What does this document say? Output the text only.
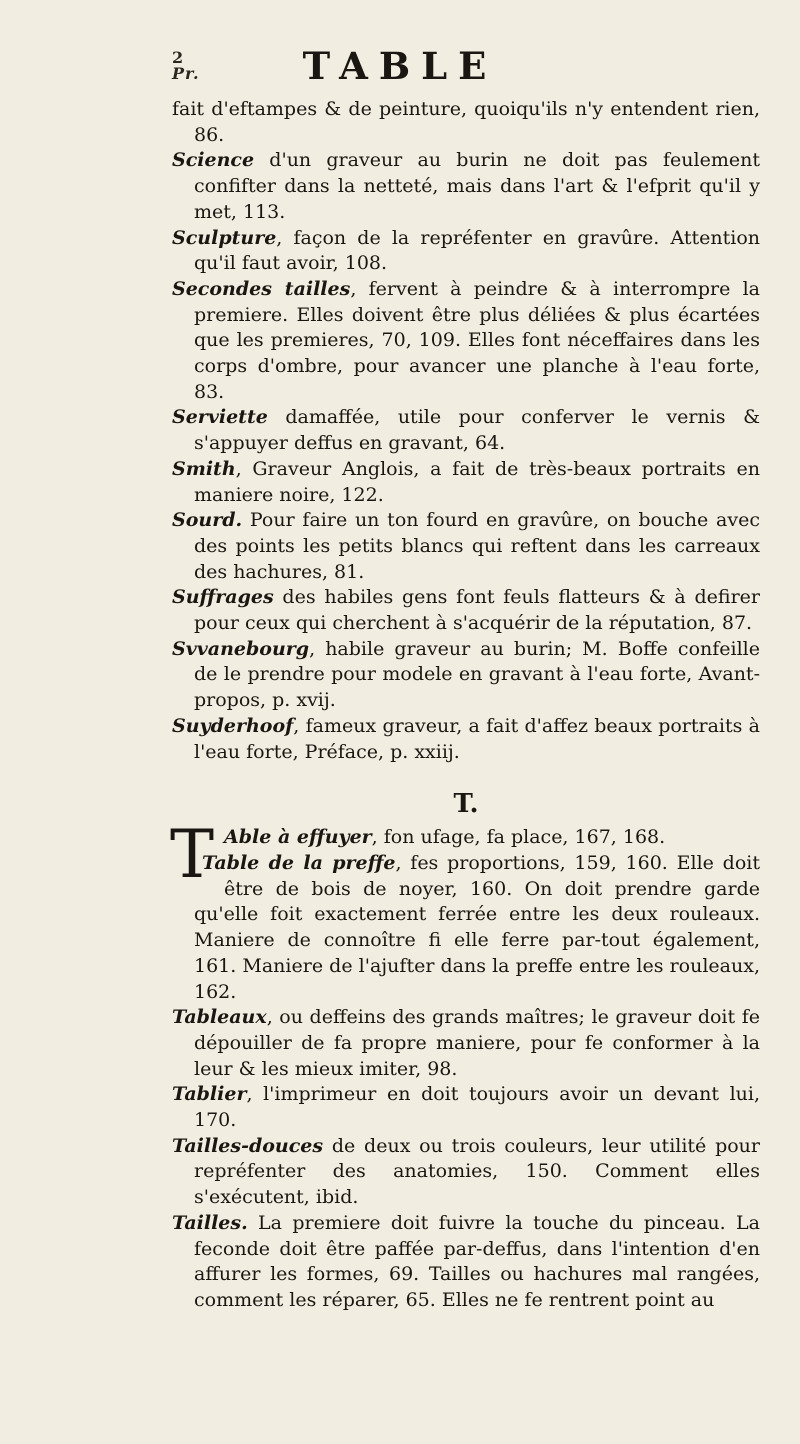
2
Pr.	TABLE
fait d'eftampes & de peinture, quoiqu'ils n'y entendent rien, 86.
Science d'un graveur au burin ne doit pas feulement confifter dans la netteté, mais dans l'art & l'efprit qu'il y met, 113.
Sculpture, façon de la repréfenter en gravûre. Attention qu'il faut avoir, 108.
Secondes tailles, fervent à peindre & à interrompre la premiere. Elles doivent être plus déliées & plus écartées que les premieres, 70, 109. Elles font néceffaires dans les corps d'ombre, pour avancer une planche à l'eau forte, 83.
Serviette damaffée, utile pour conferver le vernis & s'appuyer deffus en gravant, 64.
Smith, Graveur Anglois, a fait de très-beaux portraits en maniere noire, 122.
Sourd. Pour faire un ton fourd en gravûre, on bouche avec des points les petits blancs qui reftent dans les carreaux des hachures, 81.
Suffrages des habiles gens font feuls flatteurs & à defirer pour ceux qui cherchent à s'acquérir de la réputation, 87.
Svvanebourg, habile graveur au burin; M. Boffe confeille de le prendre pour modele en gravant à l'eau forte, Avant-propos, p. xvij.
Suyderhoof, fameux graveur, a fait d'affez beaux portraits à l'eau forte, Préface, p. xxiij.
T.
T Able à effuyer, fon ufage, fa place, 167, 168.
Table de la preffe, fes proportions, 159, 160. Elle doit être de bois de noyer, 160. On doit prendre garde qu'elle foit exactement ferrée entre les deux rouleaux. Maniere de connoître fi elle ferre par-tout également, 161. Maniere de l'ajufter dans la preffe entre les rouleaux, 162.
Tableaux, ou deffeins des grands maîtres; le graveur doit fe dépouiller de fa propre maniere, pour fe conformer à la leur & les mieux imiter, 98.
Tablier, l'imprimeur en doit toujours avoir un devant lui, 170.
Tailles-douces de deux ou trois couleurs, leur utilité pour repréfenter des anatomies, 150. Comment elles s'exécutent, ibid.
Tailles. La premiere doit fuivre la touche du pinceau. La feconde doit être paffée par-deffus, dans l'intention d'en affurer les formes, 69. Tailles ou hachures mal rangées, comment les réparer, 65. Elles ne fe rentrent point au
